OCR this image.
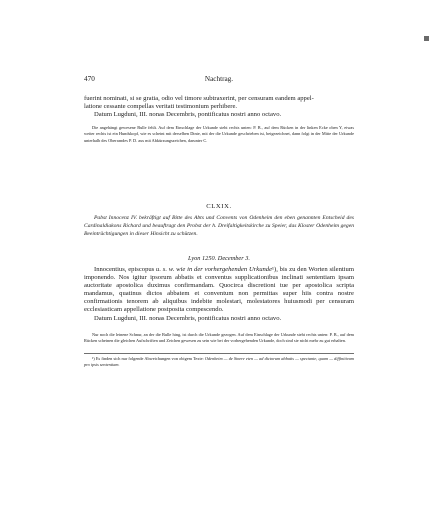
470	Nachtrag.
fuerint nominati, si se gratia, odio vel timore subtraxerint, per censuram eandem appel-
latione cessante compellas veritati testimonium perhibere.
Datum Lugduni, III. nonas Decembris, pontificatus nostri anno octavo.
Die angehängt gewesene Bulle fehlt. Auf dem Einschlage der Urkunde steht rechts unten: P. B., auf dem Rücken in der linken Ecke oben Y, etwas weiter rechts ist ein Hundskopf, wie es scheint mit derselben Dinte, mit der die Urkunde geschrieben ist, beigezeichnet, dann folgt in der Mitte der Urkunde unterhalb des Oberrandes P. D. aus mit Abkürzungszeichen, darunter C.
CLXIX.
Pabst Innocenz IV. bekräftigt auf Bitte des Abts und Convents von Odenheim den eben genannten Entscheid des Cardinaldiakons Richard und beauftragt den Probst der h. Dreifaltigkeitskirche zu Speier, das Kloster Odenheim gegen Beeinträchtigungen in dieser Hinsicht zu schützen.
Lyon 1250. December 3.
Innocentius, episcopus u. s. w. wie in der vorhergehenden Urkunde¹), bis zu den Worten silentium imponendo. Nos igitur ipsorum abbatis et conventus supplicationibus inclinati sententiam ipsam auctoritate apostolica duximus confirmandam. Quocirca discretioni tue per apostolica scripta mandamus, quatinus dictos abbatem et conventum non permittas super hiis contra nostre confirmationis tenorem ab aliquibus indebite molestari, molestatores huiusmodi per censuram ecclesiasticam appellatione postposita compescendo.
Datum Lugduni, III. nonas Decembris, pontificatus nostri anno octavo.
Nur noch die leinene Schnur, an der die Bulle hing, ist durch die Urkunde gezogen. Auf dem Einschlage der Urkunde steht rechts unten: P. B., auf dem Rücken scheinen die gleichen Aufschriften und Zeichen gewesen zu sein wie bei der vorhergehenden Urkunde, doch sind sie nicht mehr zu gut erhalten.
¹) Es finden sich nur folgende Abweichungen von obigem Texte: Odenheim — de Sinere eten — ad dictorum abbatis — spectante, quam — diffinitivam pro ipsis sententiam.
